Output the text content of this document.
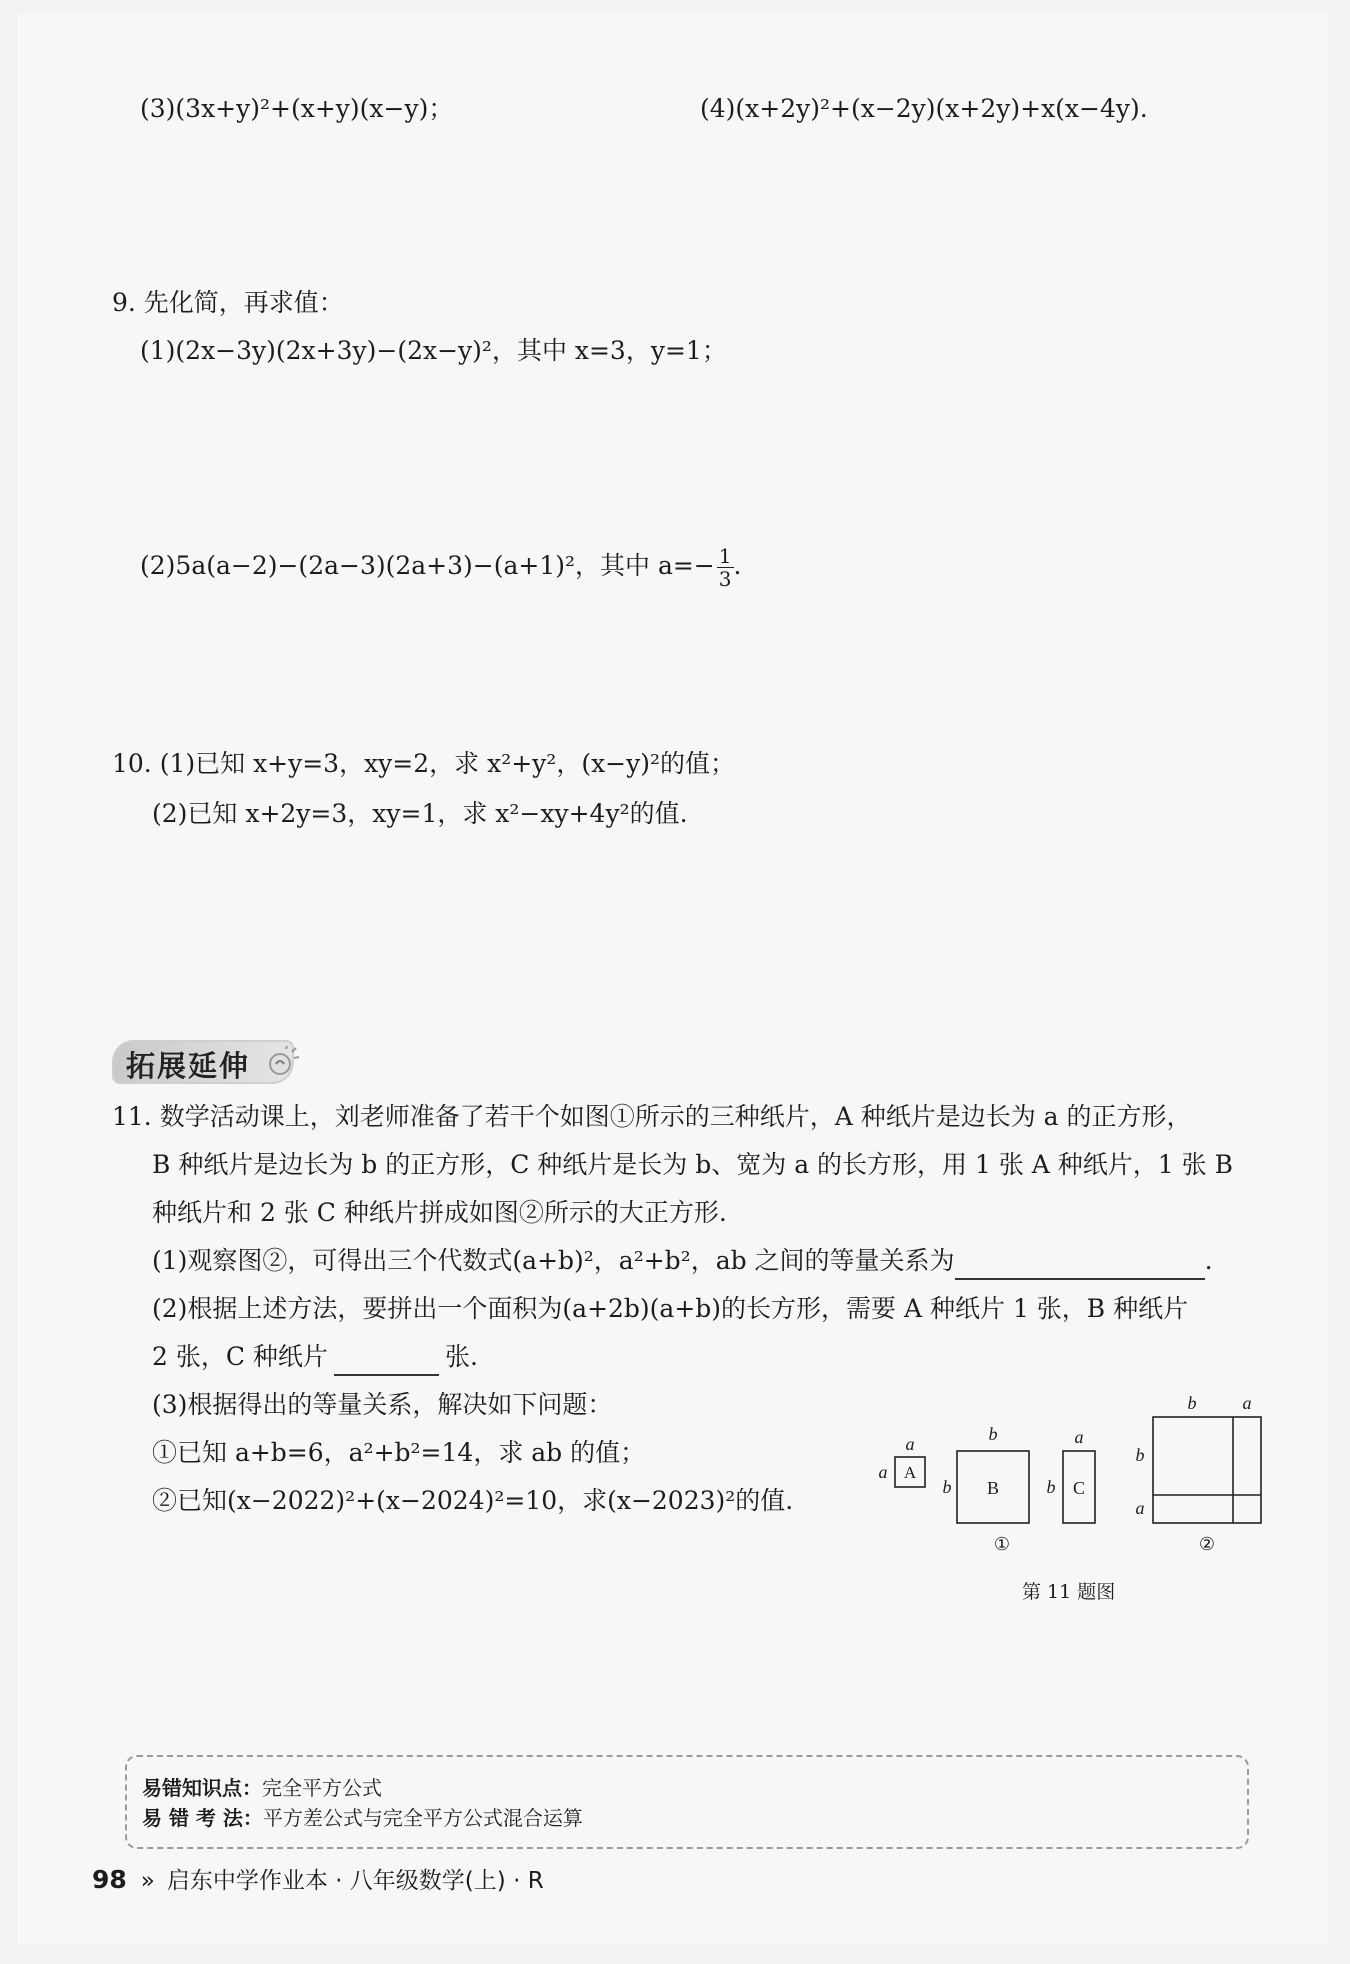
(3)(3x+y)²+(x+y)(x−y)；	(4)(x+2y)²+(x−2y)(x+2y)+x(x−4y).
9. 先化简，再求值：
(1)(2x−3y)(2x+3y)−(2x−y)²，其中 x=3，y=1；
(2)5a(a−2)−(2a−3)(2a+3)−(a+1)²，其中 $a=- \frac{1}{3}$ .
10. (1)已知 x+y=3，xy=2，求 x²+y²，(x−y)²的值；
(2)已知 x+2y=3，xy=1，求 x²−xy+4y²的值.
拓展延伸
11. 数学活动课上，刘老师准备了若干个如图①所示的三种纸片，A 种纸片是边长为 a 的正方形，
B 种纸片是边长为 b 的正方形，C 种纸片是长为 b、宽为 a 的长方形，用 1 张 A 种纸片，1 张 B
种纸片和 2 张 C 种纸片拼成如图②所示的大正方形.
(1)观察图②，可得出三个代数式(a+b)²，a²+b²，ab 之间的等量关系为	.
(2)根据上述方法，要拼出一个面积为(a+2b)(a+b)的长方形，需要 A 种纸片 1 张，B 种纸片
2 张，C 种纸片	张.
(3)根据得出的等量关系，解决如下问题：
①已知 a+b=6，a²+b²=14，求 ab 的值；
②已知(x−2022)²+(x−2024)²=10，求(x−2023)²的值.
A
a
a
B
b
b	C
a
b
①
b	a
b
a
②
第 11 题图
易错知识点：完全平方公式
易 错 考 法：平方差公式与完全平方公式混合运算
98 » 启东中学作业本 · 八年级数学(上) · R
